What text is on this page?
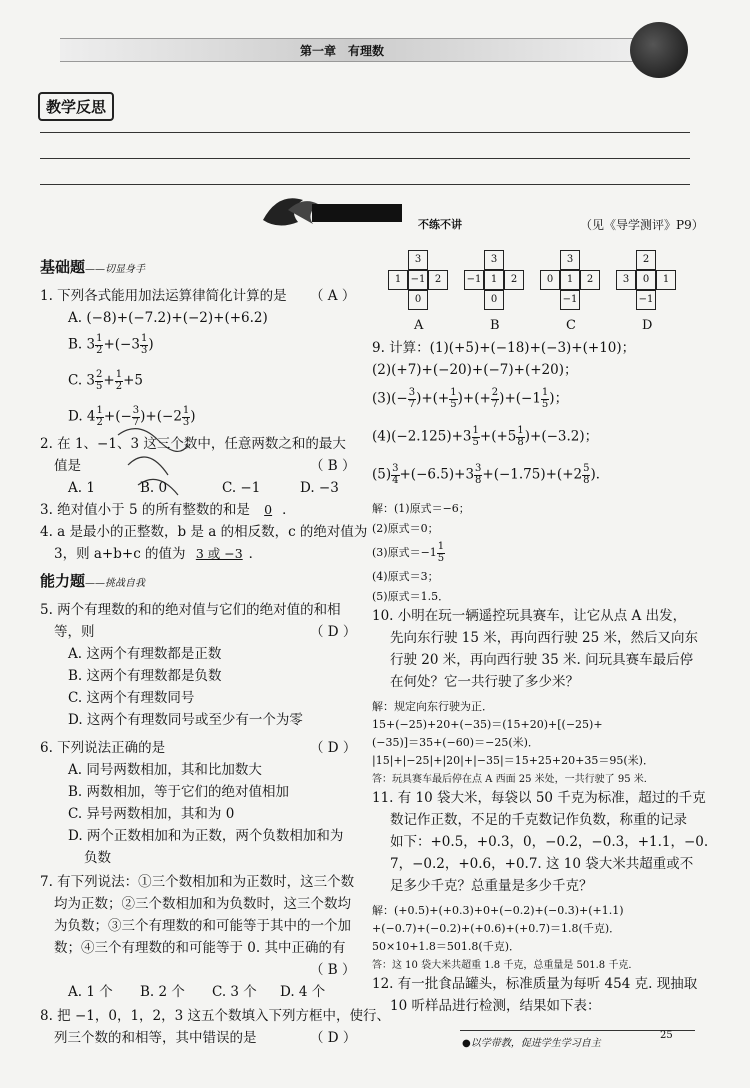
第一章　有理数
教学反思
不练不讲	（见《导学测评》P9）
基础题——切显身手
1. 下列各式能用加法运算律简化计算的是 （ A ）
A. (−8)+(−7.2)+(−2)+(+6.2)
B. $3 \frac{1}{2} +(-3 \frac{1}{3}$ )
C. $3 \frac{2}{5} + \frac{1}{2} +5$
D. $4 \frac{1}{2}$ +(− $\frac{3}{7} )+(-2 \frac{1}{3}$ )
2. 在 1、−1、3 这三个数中，任意两数之和的最大
值是	（ B ）
A. 1	B. 0	C. −1	D. −3
3. 绝对值小于 5 的所有整数的和是 0 ．
4. a 是最小的正整数，b 是 a 的相反数，c 的绝对值为
3，则 a+b+c 的值为 3 或 −3 ．
能力题——挑战自我
5. 两个有理数的和的绝对值与它们的绝对值的和相
等，则	（ D ）
A. 这两个有理数都是正数
B. 这两个有理数都是负数
C. 这两个有理数同号
D. 这两个有理数同号或至少有一个为零
6. 下列说法正确的是	（ D ）
A. 同号两数相加，其和比加数大
B. 两数相加，等于它们的绝对值相加
C. 异号两数相加，其和为 0
D. 两个正数相加和为正数，两个负数相加和为
负数
7. 有下列说法：①三个数相加和为正数时，这三个数
均为正数；②三个数相加和为负数时，这三个数均
为负数；③三个有理数的和可能等于其中的一个加
数；④三个有理数的和可能等于 0. 其中正确的有
（ B ）
A. 1 个 B. 2 个 C. 3 个 D. 4 个
8. 把 −1，0，1，2，3 这五个数填入下列方框中，使行、
列三个数的和相等，其中错误的是	（ D ）
3
1 −1 2
0
A
3
−1 1	2
0
B
3
0	1	2
−1
C
2
3	0	1
−1
D
9. 计算：(1)(+5)+(−18)+(−3)+(+10)；
(2)(+7)+(−20)+(−7)+(+20)；
$(3)(- \frac{3}{7}$ )+(+ $\frac{1}{5}$ )+(+ $\frac{2}{7} )+(-1 \frac{1}{5}$ )；
$(4)(-2.125)+3 \frac{1}{5} +(+5 \frac{1}{8} )+(-3.2)$；
$(5) \frac{3}{4} +(-6.5)+3 \frac{3}{8} +(-1.75)+(+2 \frac{5}{8}$ )．
解：(1)原式＝−6；
(2)原式＝0；
(3)原式$=-1 \frac{1}{5}$
(4)原式＝3；
(5)原式＝1.5．
10. 小明在玩一辆遥控玩具赛车，让它从点 A 出发，
先向东行驶 15 米，再向西行驶 25 米，然后又向东
行驶 20 米，再向西行驶 35 米. 问玩具赛车最后停
在何处？它一共行驶了多少米？
解：规定向东行驶为正．
15+(−25)+20+(−35)＝(15+20)+[(−25)+
(−35)]＝35+(−60)＝−25(米)．
|15|+|−25|+|20|+|−35|＝15+25+20+35＝95(米)．
答：玩具赛车最后停在点 A 西面 25 米处，一共行驶了 95 米．
11. 有 10 袋大米，每袋以 50 千克为标准，超过的千克
数记作正数，不足的千克数记作负数，称重的记录
如下：+0.5，+0.3，0，−0.2，−0.3，+1.1，−0.
7，−0.2，+0.6，+0.7. 这 10 袋大米共超重或不
足多少千克？总重量是多少千克？
解：(+0.5)+(+0.3)+0+(−0.2)+(−0.3)+(+1.1)
+(−0.7)+(−0.2)+(+0.6)+(+0.7)＝1.8(千克)．
50×10+1.8＝501.8(千克)．
答：这 10 袋大米共超重 1.8 千克，总重量是 501.8 千克．
12. 有一批食品罐头，标准质量为每听 454 克. 现抽取
10 听样品进行检测，结果如下表：
●以学带教，促进学生学习自主
25
